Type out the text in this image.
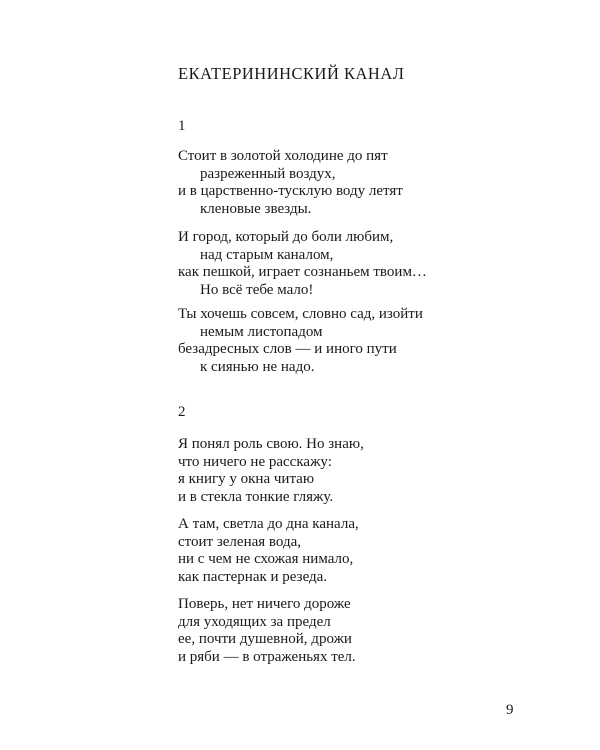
ЕКАТЕРИНИНСКИЙ КАНАЛ
1
Стоит в золотой холодине до пят
разреженный воздух,
и в царственно-тусклую воду летят
кленовые звезды.
И город, который до боли любим,
над старым каналом,
как пешкой, играет сознаньем твоим…
Но всё тебе мало!
Ты хочешь совсем, словно сад, изойти
немым листопадом
безадресных слов — и иного пути
к сиянью не надо.
2
Я понял роль свою. Но знаю,
что ничего не расскажу:
я книгу у окна читаю
и в стекла тонкие гляжу.
А там, светла до дна канала,
стоит зеленая вода,
ни с чем не схожая нимало,
как пастернак и резеда.
Поверь, нет ничего дороже
для уходящих за предел
ее, почти душевной, дрожи
и ряби — в отраженьях тел.
9
